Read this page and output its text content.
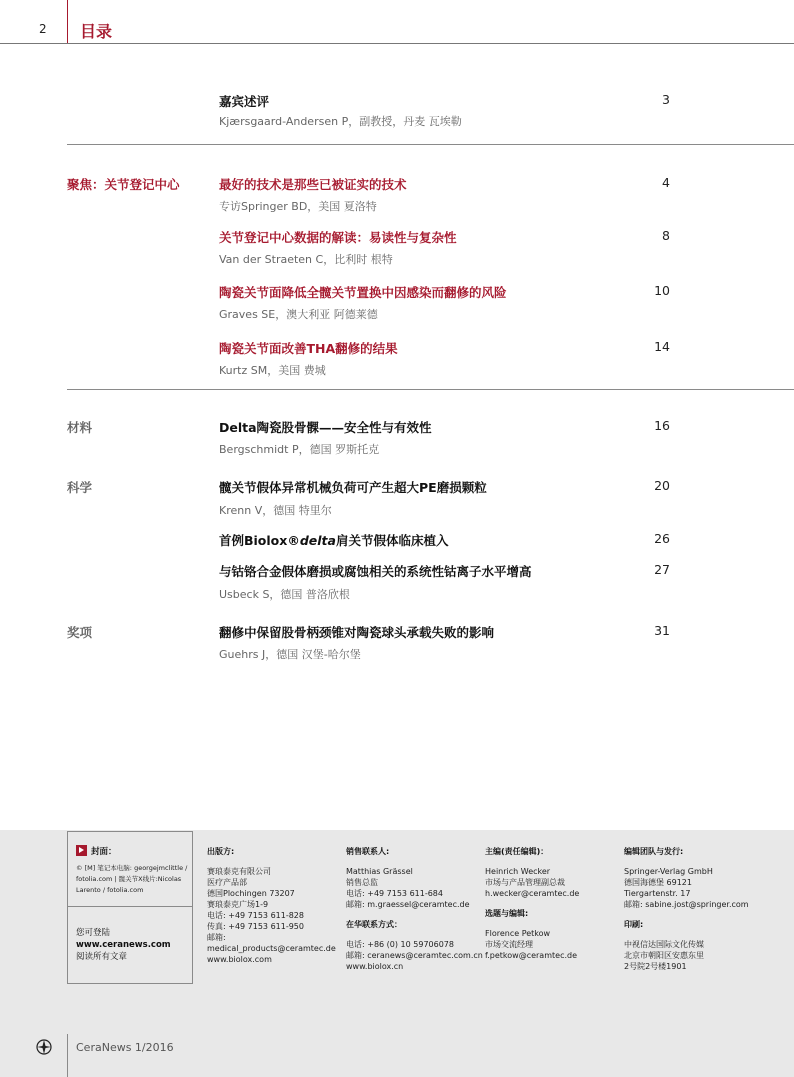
2 目录
嘉宾述评
Kjærsgaard-Andersen P，副教授，丹麦 瓦埃勒
3
聚焦：关节登记中心	最好的技术是那些已被证实的技术
专访Springer BD，美国 夏洛特
4
关节登记中心数据的解读：易读性与复杂性
Van der Straeten C，比利时 根特
8
陶瓷关节面降低全髋关节置换中因感染而翻修的风险
Graves SE，澳大利亚 阿德莱德
10
陶瓷关节面改善THA翻修的结果
Kurtz SM，美国 费城
14
材料	Delta陶瓷股骨髁——安全性与有效性
Bergschmidt P，德国 罗斯托克
16
科学	髋关节假体异常机械负荷可产生超大PE磨损颗粒
Krenn V，德国 特里尔
20
首例Biolox®delta肩关节假体临床植入	26
与钴铬合金假体磨损或腐蚀相关的系统性钴离子水平增高
Usbeck S，德国 普洛欣根
27
奖项	翻修中保留股骨柄颈锥对陶瓷球头承载失败的影响
Guehrs J，德国 汉堡-哈尔堡
31
封面：
© [M] 笔记本电脑: georgejmclittle / fotolia.com | 髋关节X线片:Nicolas Larento / fotolia.com
您可登陆
www.ceranews.com
阅读所有文章
出版方:
赛琅泰克有限公司
医疗产品部
德国Plochingen 73207
赛琅泰克广场1-9
电话: +49 7153 611-828
传真: +49 7153 611-950
邮箱:
medical_products@ceramtec.de
www.biolox.com
销售联系人:
Matthias Grässel
销售总监
电话: +49 7153 611-684
邮箱: m.graessel@ceramtec.de
在华联系方式：
电话: +86 (0) 10 59706078
邮箱: ceranews@ceramtec.com.cn
www.biolox.cn
主编(责任编辑)：
Heinrich Wecker
市场与产品管理副总裁
h.wecker@ceramtec.de
选题与编辑:
Florence Petkow
市场交流经理
f.petkow@ceramtec.de
编辑团队与发行:
Springer-Verlag GmbH
德国海德堡 69121
Tiergartenstr. 17
邮箱: sabine.jost@springer.com
印刷:
中视信达国际文化传媒
北京市朝阳区安惠东里
2号院2号楼1901
CeraNews 1/2016
